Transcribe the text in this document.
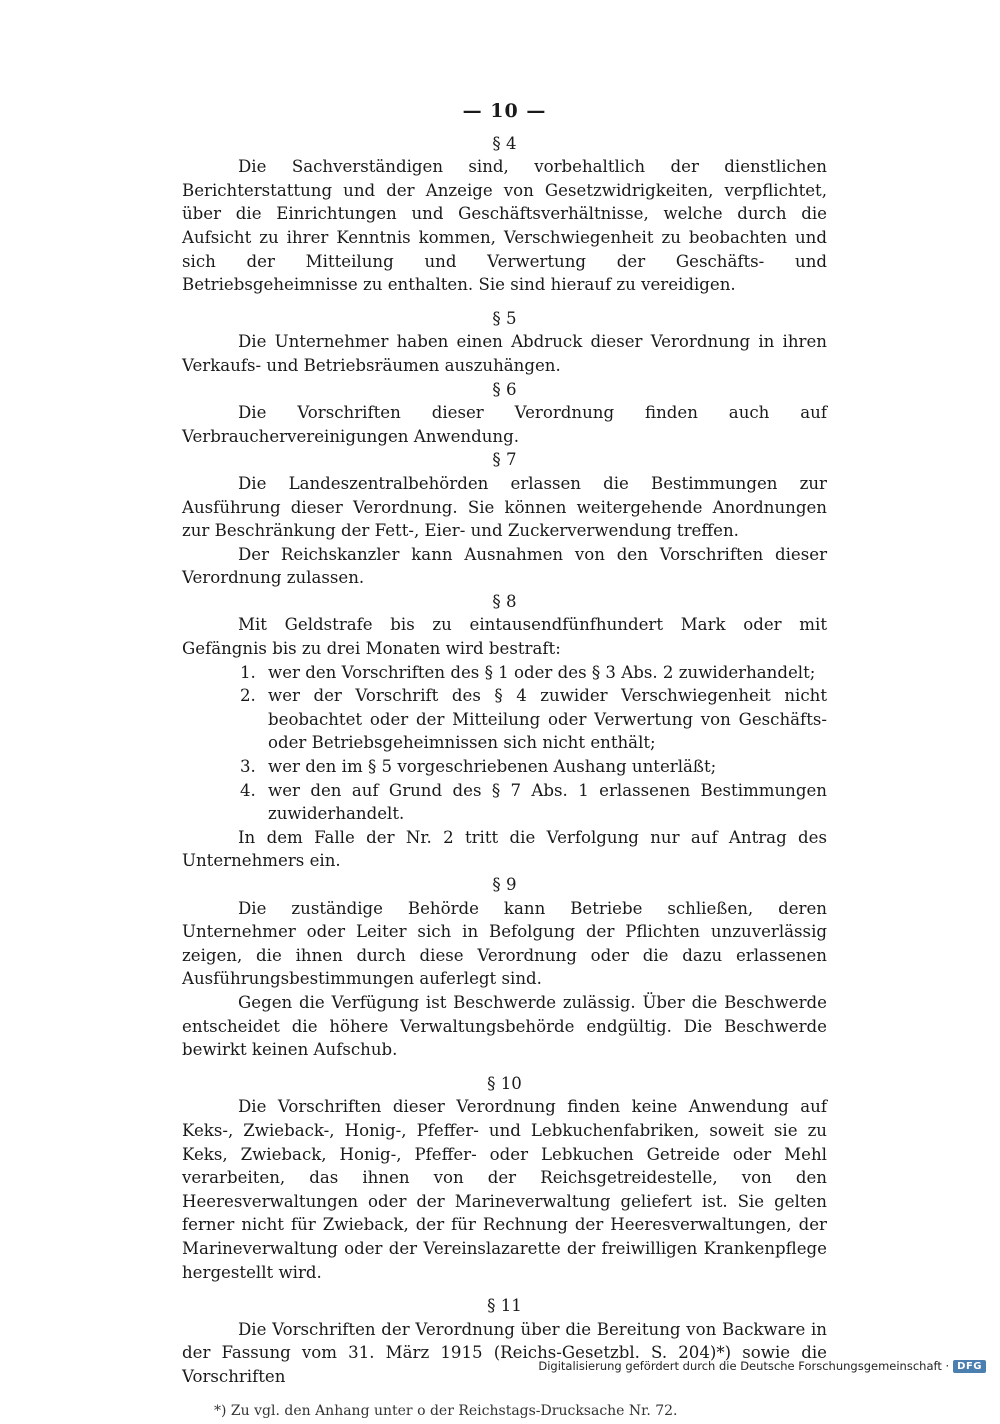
— 10 —
§ 4

Die Sachverständigen sind, vorbehaltlich der dienstlichen Berichterstattung und der Anzeige von Gesetzwidrigkeiten, verpflichtet, über die Einrichtungen und Geschäftsverhältnisse, welche durch die Aufsicht zu ihrer Kenntnis kommen, Verschwiegenheit zu beobachten und sich der Mitteilung und Verwertung der Geschäfts- und Betriebsgeheimnisse zu enthalten. Sie sind hierauf zu vereidigen.

§ 5

Die Unternehmer haben einen Abdruck dieser Verordnung in ihren Verkaufs- und Betriebsräumen auszuhängen.

§ 6

Die Vorschriften dieser Verordnung finden auch auf Verbrauchervereinigungen Anwendung.

§ 7

Die Landeszentralbehörden erlassen die Bestimmungen zur Ausführung dieser Verordnung. Sie können weitergehende Anordnungen zur Beschränkung der Fett-, Eier- und Zuckerverwendung treffen.

Der Reichskanzler kann Ausnahmen von den Vorschriften dieser Verordnung zulassen.

§ 8

Mit Geldstrafe bis zu eintausendfünfhundert Mark oder mit Gefängnis bis zu drei Monaten wird bestraft:

1. wer den Vorschriften des § 1 oder des § 3 Abs. 2 zuwiderhandelt;
2. wer der Vorschrift des § 4 zuwider Verschwiegenheit nicht beobachtet oder der Mitteilung oder Verwertung von Geschäfts- oder Betriebsgeheimnissen sich nicht enthält;
3. wer den im § 5 vorgeschriebenen Aushang unterläßt;
4. wer den auf Grund des § 7 Abs. 1 erlassenen Bestimmungen zuwiderhandelt.

In dem Falle der Nr. 2 tritt die Verfolgung nur auf Antrag des Unternehmers ein.

§ 9

Die zuständige Behörde kann Betriebe schließen, deren Unternehmer oder Leiter sich in Befolgung der Pflichten unzuverlässig zeigen, die ihnen durch diese Verordnung oder die dazu erlassenen Ausführungsbestimmungen auferlegt sind.

Gegen die Verfügung ist Beschwerde zulässig. Über die Beschwerde entscheidet die höhere Verwaltungsbehörde endgültig. Die Beschwerde bewirkt keinen Aufschub.

§ 10

Die Vorschriften dieser Verordnung finden keine Anwendung auf Keks-, Zwieback-, Honig-, Pfeffer- und Lebkuchenfabriken, soweit sie zu Keks, Zwieback, Honig-, Pfeffer- oder Lebkuchen Getreide oder Mehl verarbeiten, das ihnen von der Reichsgetreidestelle, von den Heeresverwaltungen oder der Marineverwaltung geliefert ist. Sie gelten ferner nicht für Zwieback, der für Rechnung der Heeresverwaltungen, der Marineverwaltung oder der Vereinslazarette der freiwilligen Krankenpflege hergestellt wird.

§ 11

Die Vorschriften der Verordnung über die Bereitung von Backware in der Fassung vom 31. März 1915 (Reichs-Gesetzbl. S. 204)*) sowie die Vorschriften

*) Zu vgl. den Anhang unter o der Reichstags-Drucksache Nr. 72.
Digitalisierung gefördert durch die Deutsche Forschungsgemeinschaft · DFG
